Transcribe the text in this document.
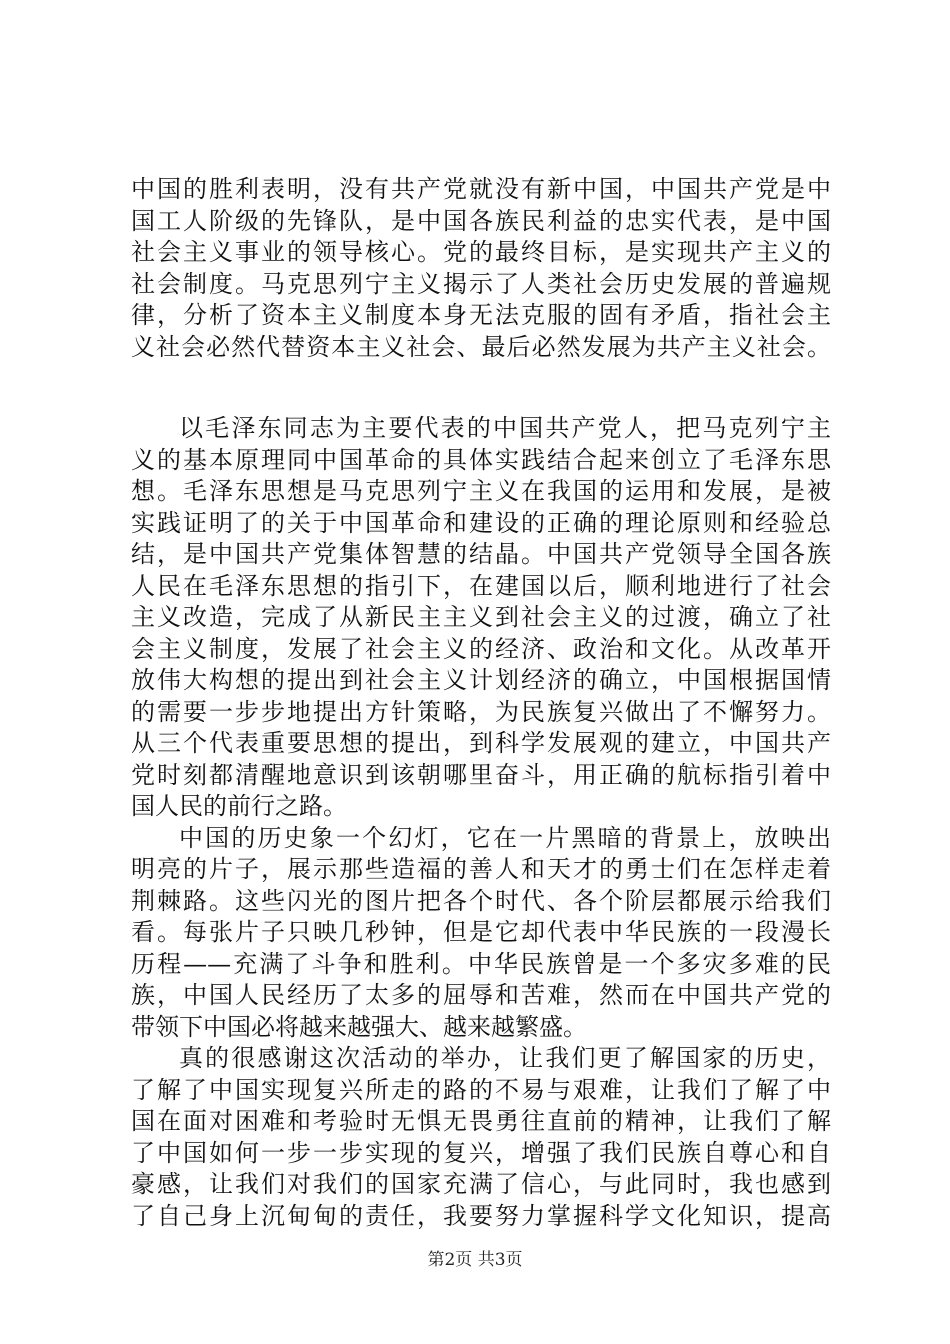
中国的胜利表明，没有共产党就没有新中国，中国共产党是中
国工人阶级的先锋队，是中国各族民利益的忠实代表，是中国
社会主义事业的领导核心。党的最终目标，是实现共产主义的
社会制度。马克思列宁主义揭示了人类社会历史发展的普遍规
律，分析了资本主义制度本身无法克服的固有矛盾，指社会主
义社会必然代替资本主义社会、最后必然发展为共产主义社会。
以毛泽东同志为主要代表的中国共产党人，把马克列宁主
义的基本原理同中国革命的具体实践结合起来创立了毛泽东思
想。毛泽东思想是马克思列宁主义在我国的运用和发展，是被
实践证明了的关于中国革命和建设的正确的理论原则和经验总
结，是中国共产党集体智慧的结晶。中国共产党领导全国各族
人民在毛泽东思想的指引下，在建国以后，顺利地进行了社会
主义改造，完成了从新民主主义到社会主义的过渡，确立了社
会主义制度，发展了社会主义的经济、政治和文化。从改革开
放伟大构想的提出到社会主义计划经济的确立，中国根据国情
的需要一步步地提出方针策略，为民族复兴做出了不懈努力。
从三个代表重要思想的提出，到科学发展观的建立，中国共产
党时刻都清醒地意识到该朝哪里奋斗，用正确的航标指引着中
国人民的前行之路。
中国的历史象一个幻灯，它在一片黑暗的背景上，放映出
明亮的片子，展示那些造福的善人和天才的勇士们在怎样走着
荆棘路。这些闪光的图片把各个时代、各个阶层都展示给我们
看。每张片子只映几秒钟，但是它却代表中华民族的一段漫长
历程——充满了斗争和胜利。中华民族曾是一个多灾多难的民
族，中国人民经历了太多的屈辱和苦难，然而在中国共产党的
带领下中国必将越来越强大、越来越繁盛。
真的很感谢这次活动的举办，让我们更了解国家的历史，
了解了中国实现复兴所走的路的不易与艰难，让我们了解了中
国在面对困难和考验时无惧无畏勇往直前的精神，让我们了解
了中国如何一步一步实现的复兴，增强了我们民族自尊心和自
豪感，让我们对我们的国家充满了信心，与此同时，我也感到
了自己身上沉甸甸的责任，我要努力掌握科学文化知识，提高
第2页 共3页
